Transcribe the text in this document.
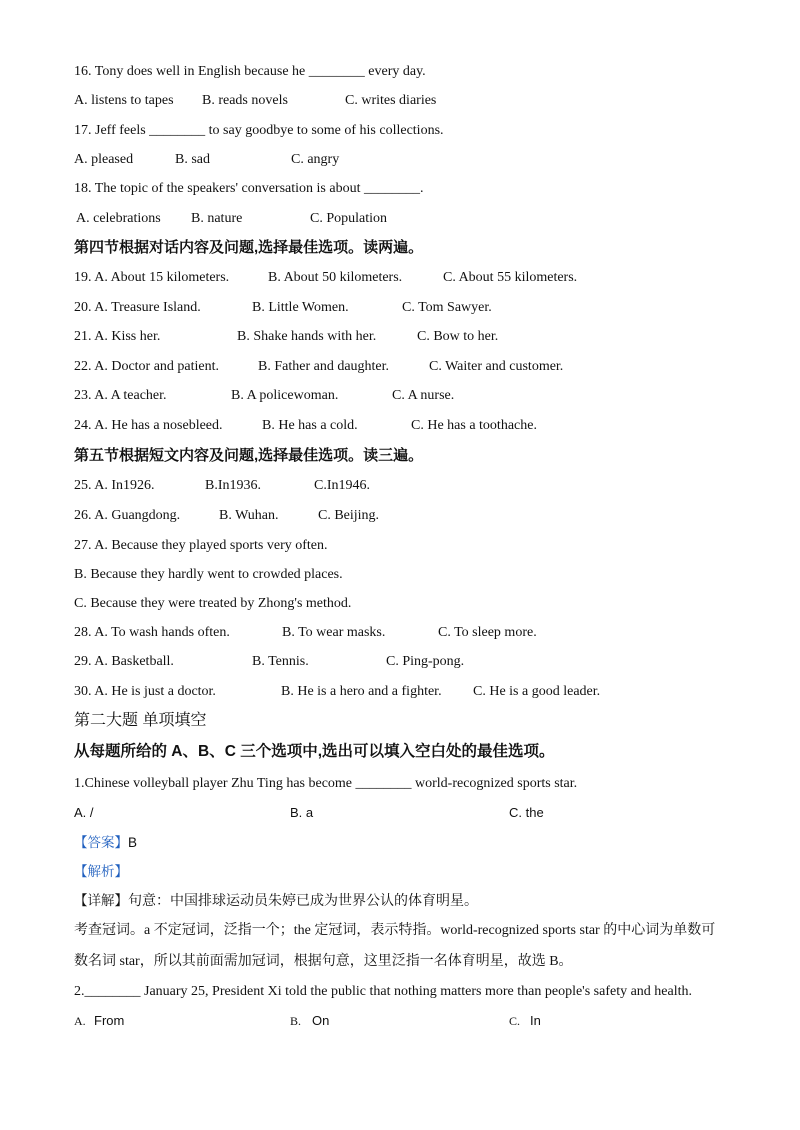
16. Tony does well in English because he ________ every day.
A. listens to tapes B. reads novels	C. writes diaries
17. Jeff feels ________ to say goodbye to some of his collections.
A. pleased	B. sad	C. angry
18. The topic of the speakers' conversation is about ________.
A. celebrations B. nature	C. Population
第四节根据对话内容及问题,选择最佳选项。读两遍。
19. A. About 15 kilometers.	B. About 50 kilometers.	C. About 55 kilometers.
20. A. Treasure Island.	B. Little Women.	C. Tom Sawyer.
21. A. Kiss her.	B. Shake hands with her.	C. Bow to her.
22. A. Doctor and patient.	B. Father and daughter.	C. Waiter and customer.
23. A. A teacher.	B. A policewoman.	C. A nurse.
24. A. He has a nosebleed.	B. He has a cold.	C. He has a toothache.
第五节根据短文内容及问题,选择最佳选项。读三遍。
25. A. In1926.	B.In1936.	C.In1946.
26. A. Guangdong.	B. Wuhan.	C. Beijing.
27. A. Because they played sports very often.
B. Because they hardly went to crowded places.
C. Because they were treated by Zhong's method.
28. A. To wash hands often.	B. To wear masks.	C. To sleep more.
29. A. Basketball.	B. Tennis.	C. Ping-pong.
30. A. He is just a doctor.	B. He is a hero and a fighter. C. He is a good leader.
第二大题 单项填空
从每题所给的 A、B、C 三个选项中,选出可以填入空白处的最佳选项。
1.Chinese volleyball player Zhu Ting has become ________ world-recognized sports star.
A. /	B. a	C. the
【答案】B
【解析】
【详解】句意：中国排球运动员朱婷已成为世界公认的体育明星。
考查冠词。a 不定冠词，泛指一个；the 定冠词，表示特指。world-recognized sports star 的中心词为单数可
数名词 star，所以其前面需加冠词，根据句意，这里泛指一名体育明星，故选 B。
2.________ January 25, President Xi told the public that nothing matters more than people's safety and health.
A. From	B. On	C. In
